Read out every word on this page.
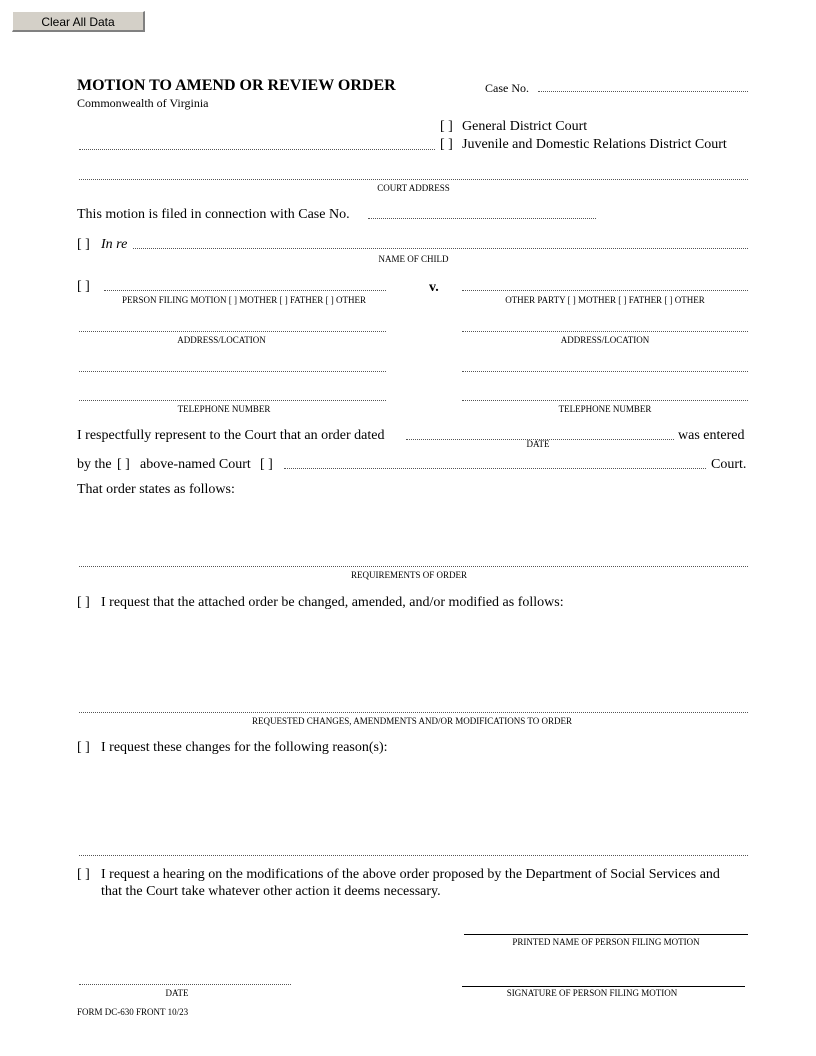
Clear All Data
MOTION TO AMEND OR REVIEW ORDER
Commonwealth of Virginia
Case No.
[ ] General District Court
[ ] Juvenile and Domestic Relations District Court
COURT ADDRESS
This motion is filed in connection with Case No.
[ ] In re
NAME OF CHILD
[ ]
PERSON FILING MOTION [ ] MOTHER [ ] FATHER [ ] OTHER
v.
OTHER PARTY [ ] MOTHER [ ] FATHER [ ] OTHER
ADDRESS/LOCATION	ADDRESS/LOCATION
TELEPHONE NUMBER	TELEPHONE NUMBER
I respectfully represent to the Court that an order dated
DATE
was entered
by the [ ] above-named Court [ ]	Court.
That order states as follows:
REQUIREMENTS OF ORDER
[ ] I request that the attached order be changed, amended, and/or modified as follows:
REQUESTED CHANGES, AMENDMENTS AND/OR MODIFICATIONS TO ORDER
[ ] I request these changes for the following reason(s):
[ ] I request a hearing on the modifications of the above order proposed by the Department of Social Services and
that the Court take whatever other action it deems necessary.
PRINTED NAME OF PERSON FILING MOTION
DATE	SIGNATURE OF PERSON FILING MOTION
FORM DC-630 FRONT 10/23
